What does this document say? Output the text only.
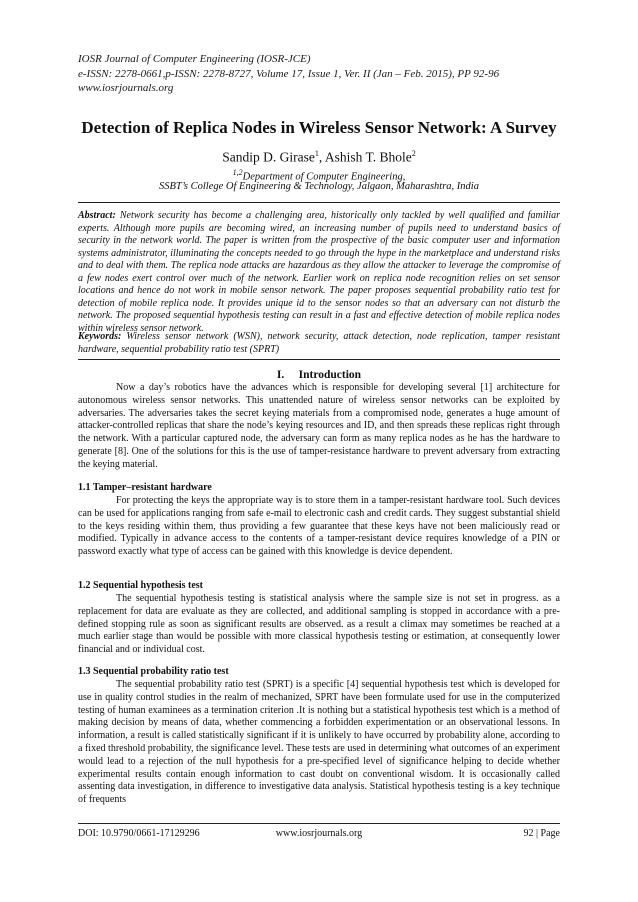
IOSR Journal of Computer Engineering (IOSR-JCE)
e-ISSN: 2278-0661,p-ISSN: 2278-8727, Volume 17, Issue 1, Ver. II (Jan – Feb. 2015), PP 92-96
www.iosrjournals.org
Detection of Replica Nodes in Wireless Sensor Network: A Survey
Sandip D. Girase$^1$, Ashish T. Bhole$^2$
$^{1,2}$Department of Computer Engineering,
SSBT’s College Of Engineering & Technology, Jalgaon, Maharashtra, India
Abstract: Network security has become a challenging area, historically only tackled by well qualified and familiar experts. Although more pupils are becoming wired, an increasing number of pupils need to understand basics of security in the network world. The paper is written from the prospective of the basic computer user and information systems administrator, illuminating the concepts needed to go through the hype in the marketplace and understand risks and to deal with them. The replica node attacks are hazardous as they allow the attacker to leverage the compromise of a few nodes exert control over much of the network. Earlier work on replica node recognition relies on set sensor locations and hence do not work in mobile sensor network. The paper proposes sequential probability ratio test for detection of mobile replica node. It provides unique id to the sensor nodes so that an adversary can not disturb the network. The proposed sequential hypothesis testing can result in a fast and effective detection of mobile replica nodes within wireless sensor network.
Keywords: Wireless sensor network (WSN), network security, attack detection, node replication, tamper resistant hardware, sequential probability ratio test (SPRT)
I.     Introduction
Now a day’s robotics have the advances which is responsible for developing several [1] architecture for autonomous wireless sensor networks. This unattended nature of wireless sensor networks can be exploited by adversaries. The adversaries takes the secret keying materials from a compromised node, generates a huge amount of attacker-controlled replicas that share the node’s keying resources and ID, and then spreads these replicas right through the network. With a particular captured node, the adversary can form as many replica nodes as he has the hardware to generate [8]. One of the solutions for this is the use of tamper-resistance hardware to prevent adversary from extracting the keying material.
1.1 Tamper–resistant hardware
For protecting the keys the appropriate way is to store them in a tamper-resistant hardware tool. Such devices can be used for applications ranging from safe e-mail to electronic cash and credit cards. They suggest substantial shield to the keys residing within them, thus providing a few guarantee that these keys have not been maliciously read or modified. Typically in advance access to the contents of a tamper-resistant device requires knowledge of a PIN or password exactly what type of access can be gained with this knowledge is device dependent.
1.2 Sequential hypothesis test
The sequential hypothesis testing is statistical analysis where the sample size is not set in progress. as a replacement for data are evaluate as they are collected, and additional sampling is stopped in accordance with a pre-defined stopping rule as soon as significant results are observed. as a result a climax may sometimes be reached at a much earlier stage than would be possible with more classical hypothesis testing or estimation, at consequently lower financial and or individual cost.
1.3 Sequential probability ratio test
The sequential probability ratio test (SPRT) is a specific [4] sequential hypothesis test which is developed for use in quality control studies in the realm of mechanized, SPRT have been formulate used for use in the computerized testing of human examinees as a termination criterion .It is nothing but a statistical hypothesis test which is a method of making decision by means of data, whether commencing a forbidden experimentation or an observational lessons. In information, a result is called statistically significant if it is unlikely to have occurred by probability alone, according to a fixed threshold probability, the significance level. These tests are used in determining what outcomes of an experiment would lead to a rejection of the null hypothesis for a pre-specified level of significance helping to decide whether experimental results contain enough information to cast doubt on conventional wisdom. It is occasionally called assenting data investigation, in difference to investigative data analysis. Statistical hypothesis testing is a key technique of frequents
DOI: 10.9790/0661-17129296	www.iosrjournals.org	92 | Page
